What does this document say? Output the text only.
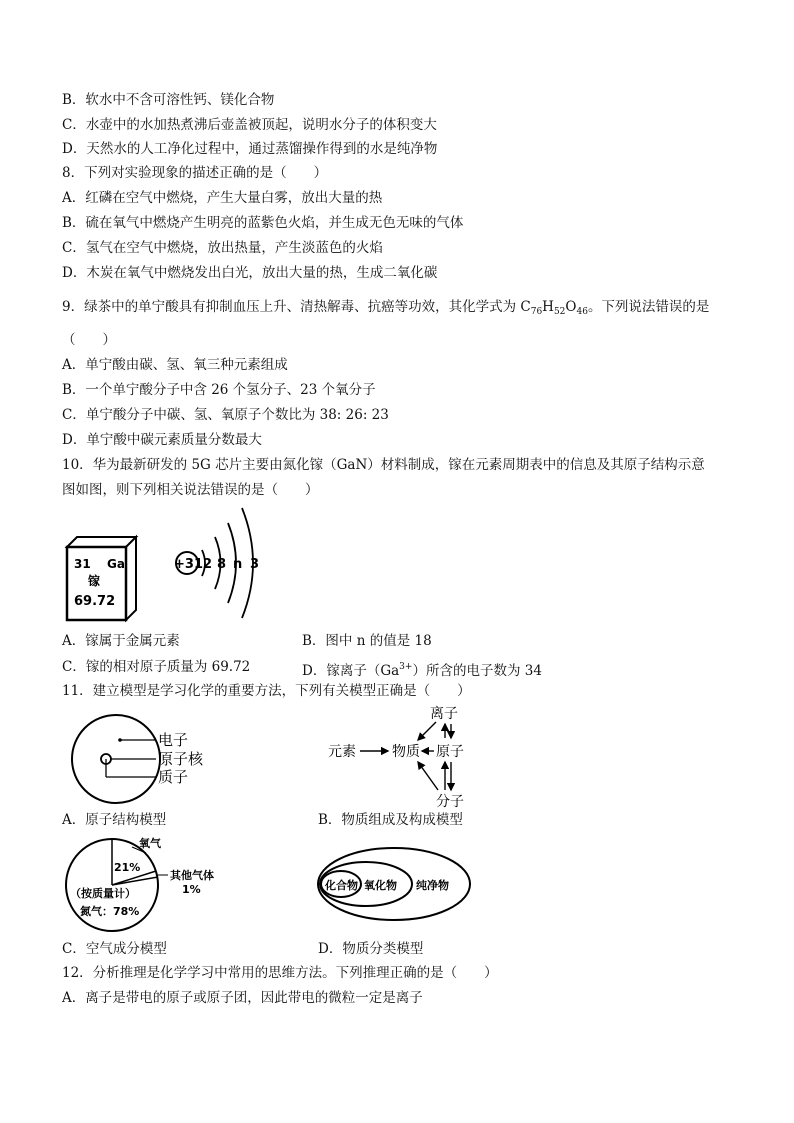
B．软水中不含可溶性钙、镁化合物
C．水壶中的水加热煮沸后壶盖被顶起，说明水分子的体积变大
D．天然水的人工净化过程中，通过蒸馏操作得到的水是纯净物
8．下列对实验现象的描述正确的是（　　）
A．红磷在空气中燃烧，产生大量白雾，放出大量的热
B．硫在氧气中燃烧产生明亮的蓝紫色火焰，并生成无色无味的气体
C．氢气在空气中燃烧，放出热量，产生淡蓝色的火焰
D．木炭在氧气中燃烧发出白光，放出大量的热，生成二氧化碳
9．绿茶中的单宁酸具有抑制血压上升、清热解毒、抗癌等功效，其化学式为 $C_{76}H_{52}O_{46}$。下列说法错误的是
（　　）
A．单宁酸由碳、氢、氧三种元素组成
B．一个单宁酸分子中含 26 个氢分子、23 个氧分子
C．单宁酸分子中碳、氢、氧原子个数比为 38: 26: 23
D．单宁酸中碳元素质量分数最大
10．华为最新研发的 5G 芯片主要由氮化镓（GaN）材料制成，镓在元素周期表中的信息及其原子结构示意
图如图，则下列相关说法错误的是（　　）
31 Ga
镓
69.72
+31 2 8 n 3
A．镓属于金属元素	B．图中 n 的值是 18
C．镓的相对原子质量为 69.72	D．镓离子$(Ga^{3+})$所含的电子数为 34
11．建立模型是学习化学的重要方法，下列有关模型正确是（　　）
电子
原子核
质子
离子
元素	物质 原子
分子
A．原子结构模型	B．物质组成及构成模型
氧气
21%
其他气体
1%
（按质量计）
氮气：78%
化合物 氧化物 纯净物
C．空气成分模型	D．物质分类模型
12．分析推理是化学学习中常用的思维方法。下列推理正确的是（　　）
A．离子是带电的原子或原子团，因此带电的微粒一定是离子
